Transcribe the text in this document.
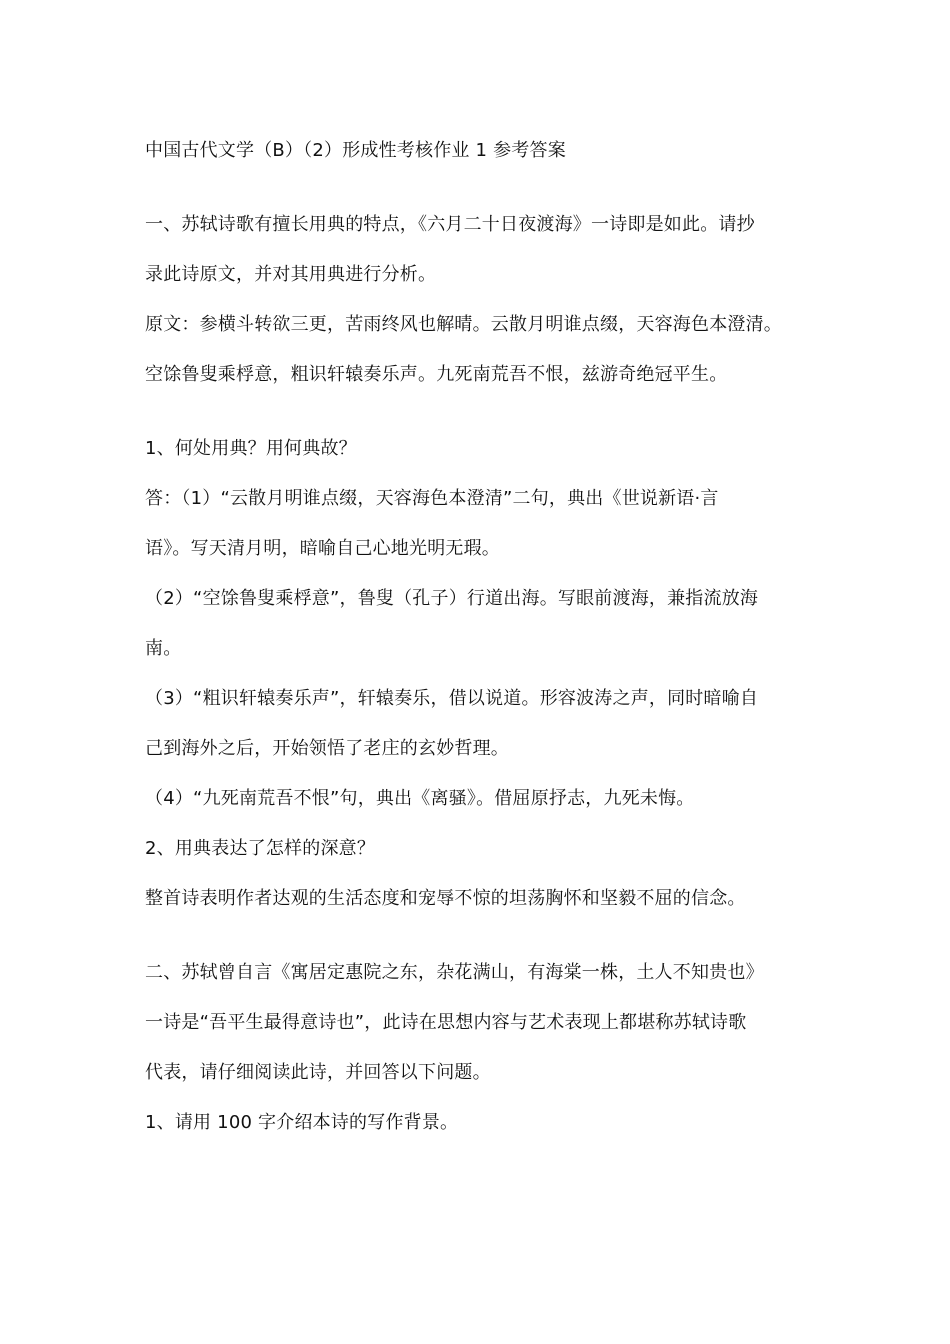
中国古代文学（B）（2）形成性考核作业 1 参考答案
一、苏轼诗歌有擅长用典的特点，《六月二十日夜渡海》一诗即是如此。请抄
录此诗原文，并对其用典进行分析。
原文：参横斗转欲三更，苦雨终风也解晴。云散月明谁点缀，天容海色本澄清。
空馀鲁叟乘桴意，粗识轩辕奏乐声。九死南荒吾不恨，兹游奇绝冠平生。
1、何处用典？用何典故？
答：（1）“云散月明谁点缀，天容海色本澄清”二句，典出《世说新语·言
语》。写天清月明，暗喻自己心地光明无瑕。
（2）“空馀鲁叟乘桴意”，鲁叟（孔子）行道出海。写眼前渡海，兼指流放海
南。
（3）“粗识轩辕奏乐声”，轩辕奏乐，借以说道。形容波涛之声，同时暗喻自
己到海外之后，开始领悟了老庄的玄妙哲理。
（4）“九死南荒吾不恨”句，典出《离骚》。借屈原抒志，九死未悔。
2、用典表达了怎样的深意？
整首诗表明作者达观的生活态度和宠辱不惊的坦荡胸怀和坚毅不屈的信念。
二、苏轼曾自言《寓居定惠院之东，杂花满山，有海棠一株，土人不知贵也》
一诗是“吾平生最得意诗也”，此诗在思想内容与艺术表现上都堪称苏轼诗歌
代表，请仔细阅读此诗，并回答以下问题。
1、请用 100 字介绍本诗的写作背景。
